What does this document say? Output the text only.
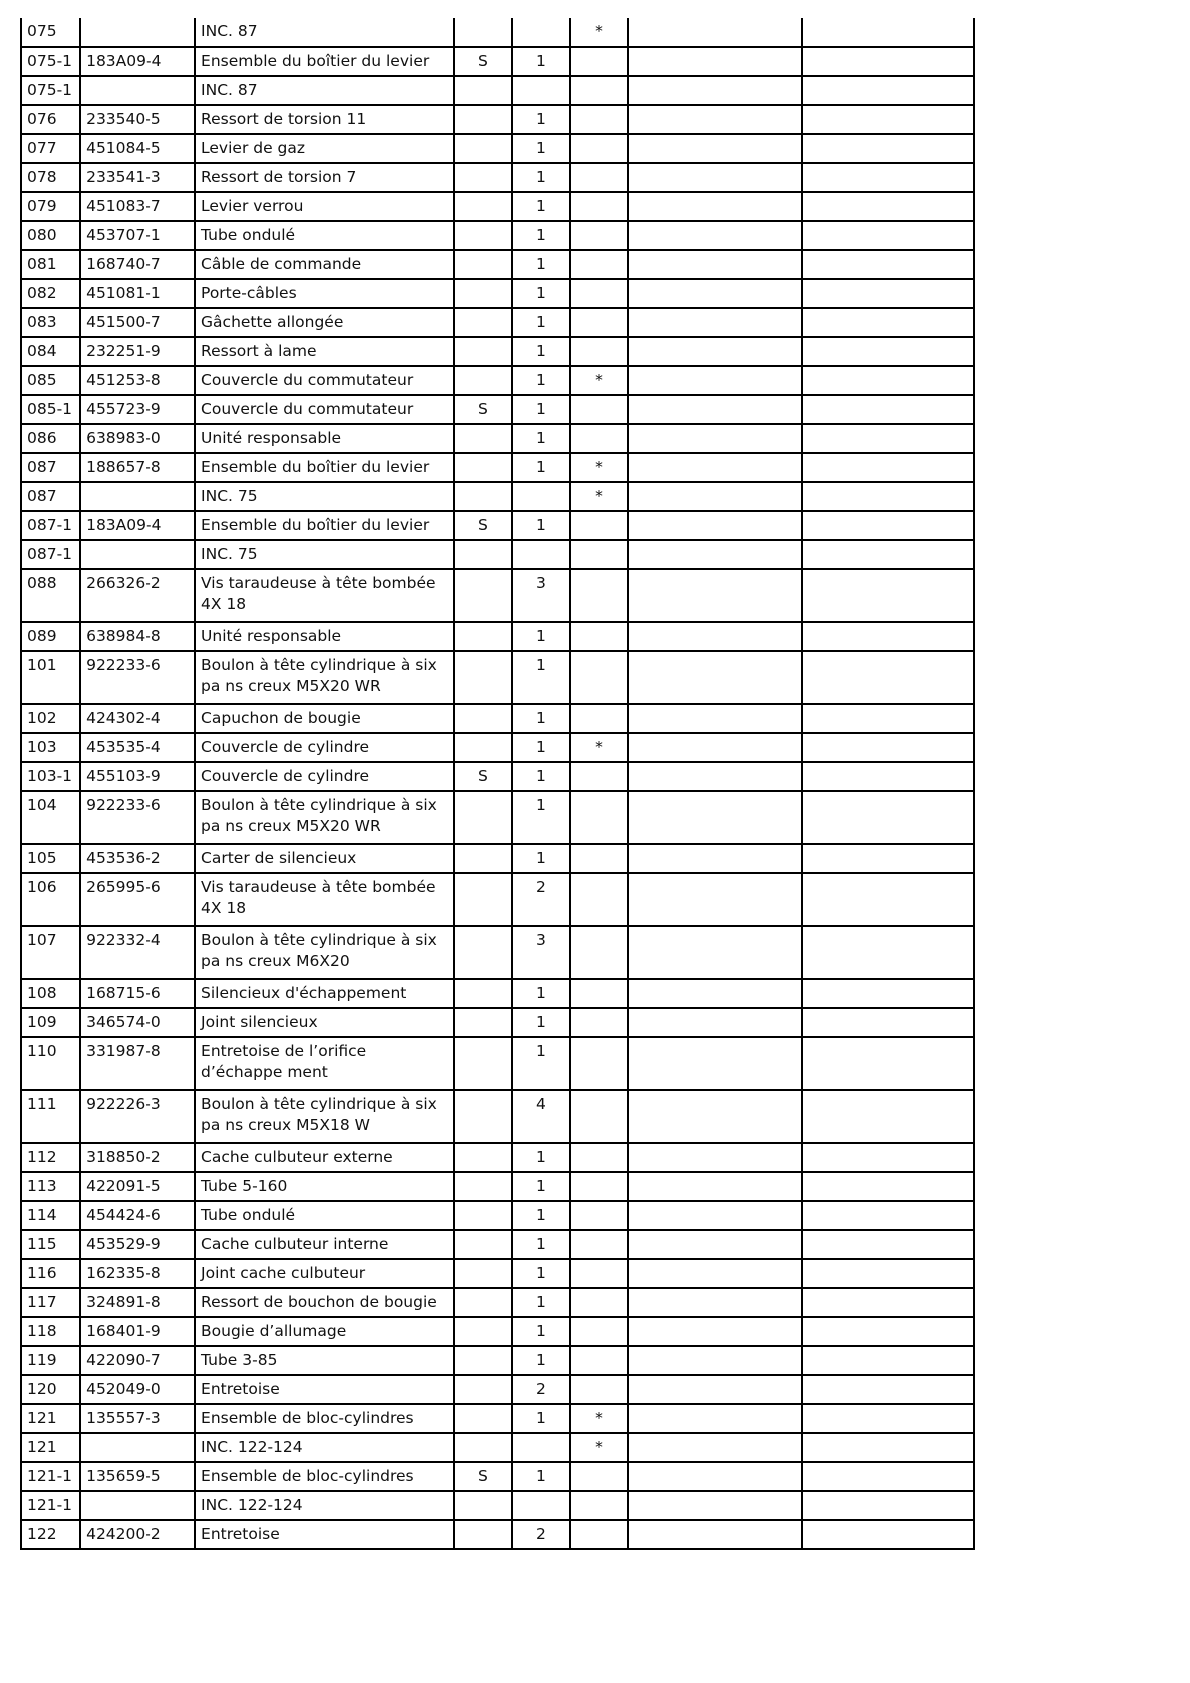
075		INC. 87			*		
075-1	183A09-4	Ensemble du boîtier du levier	S	1			
075-1		INC. 87					
076	233540-5	Ressort de torsion 11		1			
077	451084-5	Levier de gaz		1			
078	233541-3	Ressort de torsion 7		1			
079	451083-7	Levier verrou		1			
080	453707-1	Tube ondulé		1			
081	168740-7	Câble de commande		1			
082	451081-1	Porte-câbles		1			
083	451500-7	Gâchette allongée		1			
084	232251-9	Ressort à lame		1			
085	451253-8	Couvercle du commutateur		1	*		
085-1	455723-9	Couvercle du commutateur	S	1			
086	638983-0	Unité responsable		1			
087	188657-8	Ensemble du boîtier du levier		1	*		
087		INC. 75			*		
087-1	183A09-4	Ensemble du boîtier du levier	S	1			
087-1		INC. 75					
088	266326-2	Vis taraudeuse à tête bombée 4X 18		3			
089	638984-8	Unité responsable		1			
101	922233-6	Boulon à tête cylindrique à six pa ns creux M5X20 WR		1			
102	424302-4	Capuchon de bougie		1			
103	453535-4	Couvercle de cylindre		1	*		
103-1	455103-9	Couvercle de cylindre	S	1			
104	922233-6	Boulon à tête cylindrique à six pa ns creux M5X20 WR		1			
105	453536-2	Carter de silencieux		1			
106	265995-6	Vis taraudeuse à tête bombée 4X 18		2			
107	922332-4	Boulon à tête cylindrique à six pa ns creux M6X20		3			
108	168715-6	Silencieux d'échappement		1			
109	346574-0	Joint silencieux		1			
110	331987-8	Entretoise de l’orifice d’échappe ment		1			
111	922226-3	Boulon à tête cylindrique à six pa ns creux M5X18 W		4			
112	318850-2	Cache culbuteur externe		1			
113	422091-5	Tube 5-160		1			
114	454424-6	Tube ondulé		1			
115	453529-9	Cache culbuteur interne		1			
116	162335-8	Joint cache culbuteur		1			
117	324891-8	Ressort de bouchon de bougie		1			
118	168401-9	Bougie d’allumage		1			
119	422090-7	Tube 3-85		1			
120	452049-0	Entretoise		2			
121	135557-3	Ensemble de bloc-cylindres		1	*		
121		INC. 122-124			*		
121-1	135659-5	Ensemble de bloc-cylindres	S	1			
121-1		INC. 122-124					
122	424200-2	Entretoise		2			
